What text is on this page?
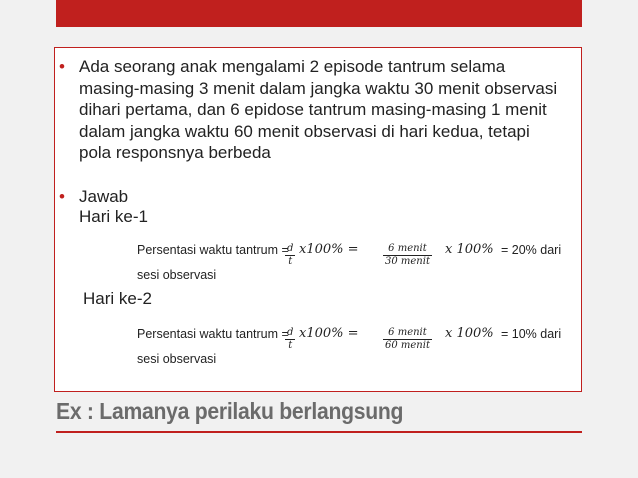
• Ada seorang anak mengalami 2 episode tantrum selama
masing-masing 3 menit dalam jangka waktu 30 menit observasi
dihari pertama, dan 6 epidose tantrum masing-masing 1 menit
dalam jangka waktu 60 menit observasi di hari kedua, tetapi
pola responsnya berbeda
• Jawab
Hari ke-1
Persentasi waktu tantrum =
$\frac{d}{t} x100\%$ =	6 menit
30 menit
x 100% = 20% dari
sesi observasi
Hari ke-2
Persentasi waktu tantrum =
$\frac{d}{t} x100\%$ =	6 menit
60 menit
x 100% = 10% dari
sesi observasi
Ex : Lamanya perilaku berlangsung
